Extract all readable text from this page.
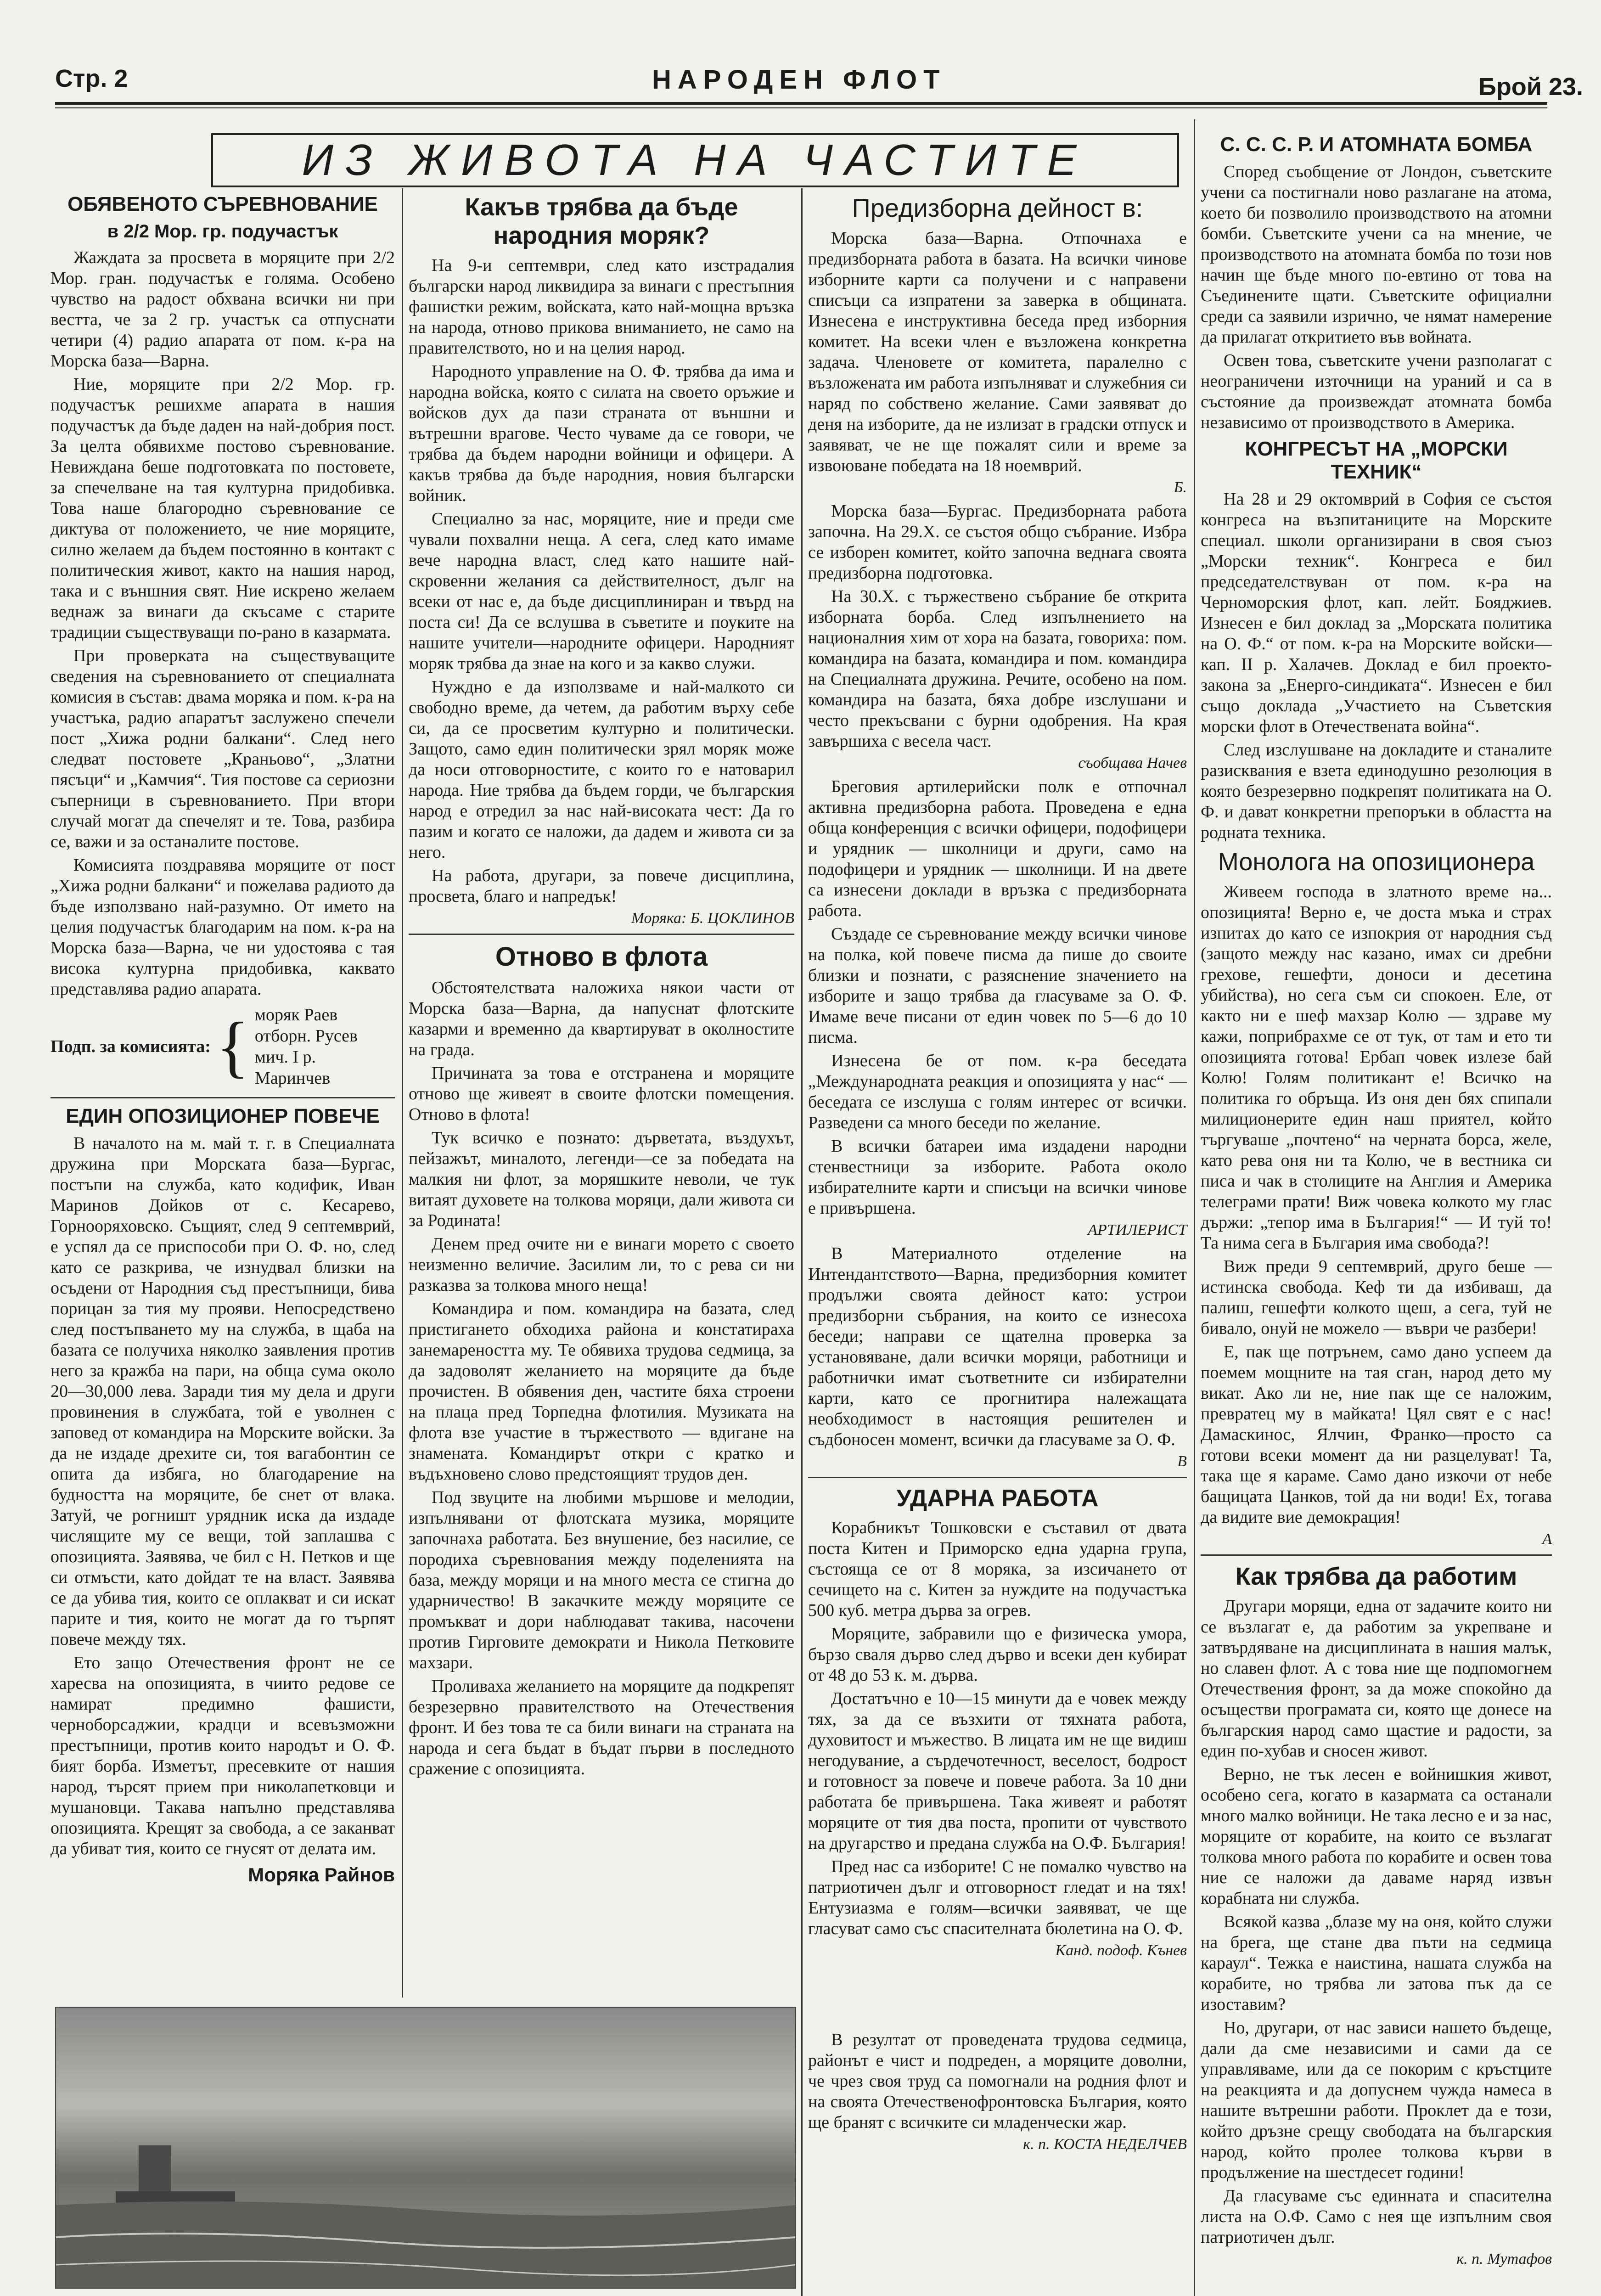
Стр. 2	НАРОДЕН ФЛОТ	Брой 23.
ИЗ ЖИВОТА НА ЧАСТИТЕ
ОБЯВЕНОТО СЪРЕВНОВАНИЕ
в 2/2 Мор. гр. подучастък

Жаждата за просвета в моряците при 2/2 Мор. гран. подучастък е голяма. Особено чувство на радост обхвана всички ни при вестта, че за 2 гр. участък са отпуснати четири (4) радио апарата от пом. к-ра на Морска база—Варна.

Ние, моряците при 2/2 Мор. гр. подучастък решихме апарата в нашия подучастък да бъде даден на най-добрия пост. За целта обявихме постово съревнование. Невиждана беше подготовката по постовете, за спечелване на тая културна придобивка. Това наше благородно съревнование се диктува от положението, че ние моряците, силно желаем да бъдем постоянно в контакт с политическия живот, както на нашия народ, така и с външния свят. Ние искрено желаем веднаж за винаги да скъсаме с старите традиции съществуващи по-рано в казармата.

При проверката на съществуващите сведения на съревнованието от специалната комисия в състав: двама моряка и пом. к-ра на участъка, радио апаратът заслужено спечели пост „Хижа родни балкани“. След него следват постовете „Краньово“, „Златни пясъци“ и „Камчия“. Тия постове са сериозни съперници в съревнованието. При втори случай могат да спечелят и те. Това, разбира се, важи и за останалите постове.

Комисията поздравява моряците от пост „Хижа родни балкани“ и пожелава радиото да бъде използвано най-разумно. От името на целия подучастък благодарим на пом. к-ра на Морска база—Варна, че ни удостоява с тая висока културна придобивка, каквато представлява радио апарата.

Подп. за комисията: { моряк Раев
отборн. Русев
мич. I р. Маринчев
ЕДИН ОПОЗИЦИОНЕР ПОВЕЧЕ

В началото на м. май т. г. в Специалната дружина при Морската база—Бургас, постъпи на служба, като кодифик, Иван Маринов Дойков от с. Кесарево, Горнооряховско. Същият, след 9 септемврий, е успял да се приспособи при О. Ф. но, след като се разкрива, че изнудвал близки на осъдени от Народния съд престъпници, бива порицан за тия му прояви. Непосредствено след постъпването му на служба, в щаба на базата се получиха няколко заявления против него за кражба на пари, на обща сума около 20—30,000 лева. Заради тия му дела и други провинения в службата, той е уволнен с заповед от командира на Морските войски. За да не издаде дрехите си, тоя вагабонтин се опита да избяга, но благодарение на будността на моряците, бе снет от влака. Затуй, че рогништ урядник иска да издаде числящите му се вещи, той заплашва с опозицията. Заявява, че бил с Н. Петков и ще си отмъсти, като дойдат те на власт. Заявява се да убива тия, които се оплакват и си искат парите и тия, които не могат да го търпят повече между тях.

Ето защо Отечествения фронт не се харесва на опозицията, в чиито редове се намират предимно фашисти, черноборсаджии, крадци и всевъзможни престъпници, против които народът и О. Ф. бият борба. Изметът, пресевките от нашия народ, търсят прием при николапетковци и мушановци. Такава напълно представлява опозицията. Крещят за свобода, а се заканват да убиват тия, които се гнусят от делата им.

Моряка Райнов
Какъв трябва да бъде народния моряк?

На 9-и септември, след като изстрадалия български народ ликвидира за винаги с престъпния фашистки режим, войската, като най-мощна връзка на народа, отново прикова вниманието, не само на правителството, но и на целия народ.

Народното управление на О. Ф. трябва да има и народна войска, която с силата на своето оръжие и войсков дух да пази страната от външни и вътрешни врагове. Често чуваме да се говори, че трябва да бъдем народни войници и офицери. А какъв трябва да бъде народния, новия български войник.

Специално за нас, моряците, ние и преди сме чували похвални неща. А сега, след като имаме вече народна власт, след като нашите най-скровенни желания са действителност, дълг на всеки от нас е, да бъде дисциплиниран и твърд на поста си! Да се вслушва в съветите и поуките на нашите учители—народните офицери. Народният моряк трябва да знае на кого и за какво служи.

Нуждно е да използваме и най-малкото си свободно време, да четем, да работим върху себе си, да се просветим културно и политически. Защото, само един политически зрял моряк може да носи отговорностите, с които го е натоварил народа. Ние трябва да бъдем горди, че българския народ е отредил за нас най-високата чест: Да го пазим и когато се наложи, да дадем и живота си за него.

На работа, другари, за повече дисциплина, просвета, благо и напредък!

Моряка: Б. ЦОКЛИНОВ
Отново в флота

Обстоятелствата наложиха някои части от Морска база—Варна, да напуснат флотските казарми и временно да квартируват в околностите на града.

Причината за това е отстранена и моряците отново ще живеят в своите флотски помещения. Отново в флота!

Тук всичко е познато: дърветата, въздухът, пейзажът, миналото, легенди—се за победата на малкия ни флот, за моряшките неволи, че тук витаят духовете на толкова моряци, дали живота си за Родината!

Денем пред очите ни е винаги морето с своето неизменно величие. Засилим ли, то с рева си ни разказва за толкова много неща!

Командира и пом. командира на базата, след пристигането обходиха района и констатираха занемареността му. Те обявиха трудова седмица, за да задоволят желанието на моряците да бъде прочистен. В обявения ден, частите бяха строени на плаца пред Торпедна флотилия. Музиката на флота взе участие в тържеството — вдигане на знамената. Командирът откри с кратко и въдъхновено слово предстоящият трудов ден.

Под звуците на любими мършове и мелодии, изпълнявани от флотската музика, моряците започнаха работата. Без внушение, без насилие, се породиха съревнования между поделенията на база, между моряци и на много места се стигна до ударничество! В закачките между моряците се промъкват и дори наблюдават такива, насочени против Гирговите демократи и Никола Петковите махзари.

Проливаха желанието на моряците да подкрепят безрезервно правителството на Отечествения фронт. И без това те са били винаги на страната на народа и сега бъдат в бъдат първи в последното сражение с опозицията.

В резултат от проведената трудова седмица, районът е чист и подреден, а моряците доволни, че чрез своя труд са помогнали на родния флот и на своята Отечественофронтовска България, която ще бранят с всичките си младенчески жар.

к. п. КОСТА НЕДЕЛЧЕВ
Предизборна дейност в:

Морска база—Варна. Отпочнаха е предизборната работа в базата. На всички чинове изборните карти са получени и с направени списъци са изпратени за заверка в общината. Изнесена е инструктивна беседа пред изборния комитет. На всеки член е възложена конкретна задача. Членовете от комитета, паралелно с възложената им работа изпълняват и служебния си наряд по собствено желание. Сами заявяват до деня на изборите, да не излизат в градски отпуск и заявяват, че не ще пожалят сили и време за извоюване победата на 18 ноемврий.

Б.

Морска база—Бургас. Предизборната работа започна. На 29.X. се състоя общо събрание. Избра се изборен комитет, който започна веднага своята предизборна подготовка.

На 30.X. с тържествено събрание бе открита изборната борба. След изпълнението на националния хим от хора на базата, говориха: пом. командира на базата, командира и пом. командира на Специалната дружина. Речите, особено на пом. командира на базата, бяха добре изслушани и често прекъсвани с бурни одобрения. На края завършиха с весела част.

съобщава Начев

Бреговия артилерийски полк е отпочнал активна предизборна работа. Проведена е една обща конференция с всички офицери, подофицери и урядник — школници и други, само на подофицери и урядник — школници. И на двете са изнесени доклади в връзка с предизборната работа.

Създаде се съревнование между всички чинове на полка, кой повече писма да пише до своите близки и познати, с разяснение значението на изборите и защо трябва да гласуваме за О. Ф. Имаме вече писани от един човек по 5—6 до 10 писма.

Изнесена бе от пом. к-ра беседата „Международната реакция и опозицията у нас“ — беседата се изслуша с голям интерес от всички. Разведени са много беседи по желание.

В всички батареи има издадени народни стенвестници за изборите. Работа около избирателните карти и списъци на всички чинове е привършена.

АРТИЛЕРИСТ

В Материалното отделение на Интендантството—Варна, предизборния комитет продължи своята дейност като: устрои предизборни събрания, на които се изнесоха беседи; направи се щателна проверка за установяване, дали всички моряци, работници и работнички имат съответните си избирателни карти, като се прогнитира належащата необходимост в настоящия решителен и съдбоносен момент, всички да гласуваме за О. Ф.

В
УДАРНА РАБОТА

Корабникът Тошковски е съставил от двата поста Китен и Приморско една ударна група, състояща се от 8 моряка, за изсичането от сечището на с. Китен за нуждите на подучастъка 500 куб. метра дърва за огрев.

Моряците, забравили що е физическа умора, бързо сваля дърво след дърво и всеки ден кубират от 48 до 53 к. м. дърва.

Достатъчно е 10—15 минути да е човек между тях, за да се възхити от тяхната работа, духовитост и мъжество. В лицата им не ще видиш негодувание, а сърдечотечност, веселост, бодрост и готовност за повече и повече работа. За 10 дни работата бе привършена. Така живеят и работят моряците от тия два поста, пропити от чувството на другарство и предана служба на О.Ф. България!

Пред нас са изборите! С не помалко чувство на патриотичен дълг и отговорност гледат и на тях! Ентузиазма е голям—всички заявяват, че ще гласуват само със спасителната бюлетина на О. Ф.

Канд. подоф. Кънев
С. С. С. Р. И АТОМНАТА БОМБА

Според съобщение от Лондон, съветските учени са постигнали ново разлагане на атома, което би позволило производството на атомни бомби. Съветските учени са на мнение, че производството на атомната бомба по този нов начин ще бъде много по-евтино от това на Съединените щати. Съветските официални среди са заявили изрично, че нямат намерение да прилагат откритието във войната.

Освен това, съветските учени разполагат с неограничени източници на ураний и са в състояние да произвеждат атомната бомба независимо от производството в Америка.

КОНГРЕСЪТ НА „МОРСКИ ТЕХНИК“

На 28 и 29 октомврий в София се състоя конгреса на възпитаниците на Морските специал. школи организирани в своя съюз „Морски техник“. Конгреса е бил председателствуван от пом. к-ра на Черноморския флот, кап. лейт. Бояджиев. Изнесен е бил доклад за „Морската политика на О. Ф.“ от пом. к-ра на Морските войски—кап. II р. Халачев. Доклад е бил проекто-закона за „Енерго-синдиката“. Изнесен е бил също доклада „Участието на Съветския морски флот в Отечествената война“.

След изслушване на докладите и станалите разисквания е взета единодушно резолюция в която безрезервно подкрепят политиката на О. Ф. и дават конкретни препоръки в областта на родната техника.

Монолога на опозиционера

Живеем господа в златното време на... опозицията! Верно е, че доста мъка и страх изпитах до като се изпокрия от народния съд (защото между нас казано, имах си дребни грехове, гешефти, доноси и десетина убийства), но сега съм си спокоен. Еле, от както ни е шеф махзар Колю — здраве му кажи, поприбрахме се от тук, от там и ето ти опозицията готова! Ербап човек излезе бай Колю! Голям политикант е! Всичко на политика го обръща. Из оня ден бях спипали милиционерите един наш приятел, който търгуваше „почтено“ на черната борса, желе, като рева оня ни та Колю, че в вестника си писа и чак в столиците на Англия и Америка телеграми прати! Виж човека колкото му глас държи: „тепор има в България!“ — И туй то! Та нима сега в България има свобода?!

Виж преди 9 септемврий, друго беше — истинска свобода. Кеф ти да избиваш, да палиш, гешефти колкото щеш, а сега, туй не бивало, онуй не можело — въври че разбери!

Е, пак ще потрънем, само дано успеем да поемем мощните на тая сган, народ дето му викат. Ако ли не, ние пак ще се наложим, превратец му в майката! Цял свят е с нас! Дамаскинос, Ялчин, Франко—просто са готови всеки момент да ни разцелуват! Та, така ще я караме. Само дано изкочи от небе бащицата Цанков, той да ни води! Ех, тогава да видите вие демокрация!

А
Как трябва да работим

Другари моряци, една от задачите които ни се възлагат е, да работим за укрепване и затвърдяване на дисциплината в нашия малък, но славен флот. А с това ние ще подпомогнем Отечествения фронт, за да може спокойно да осъществи програмата си, която ще донесе на българския народ само щастие и радости, за един по-хубав и сносен живот.

Верно, не тък лесен е войнишкия живот, особено сега, когато в казармата са останали много малко войници. Не така лесно е и за нас, моряците от корабите, на които се възлагат толкова много работа по корабите и освен това ние се наложи да даваме наряд извън корабната ни служба.

Всякой казва „блазе му на оня, който служи на брега, ще стане два пъти на седмица караул“. Тежка е наистина, нашата служба на корабите, но трябва ли затова пък да се изоставим?

Но, другари, от нас зависи нашето бъдеще, дали да сме независими и сами да се управляваме, или да се покорим с кръстците на реакцията и да допуснем чужда намеса в нашите вътрешни работи. Проклет да е този, който дръзне срещу свободата на българския народ, който пролее толкова кърви в продължение на шестдесет години!

Да гласуваме със единната и спасителна листа на О.Ф. Само с нея ще изпълним своя патриотичен дълг.

к. п. Мутафов
